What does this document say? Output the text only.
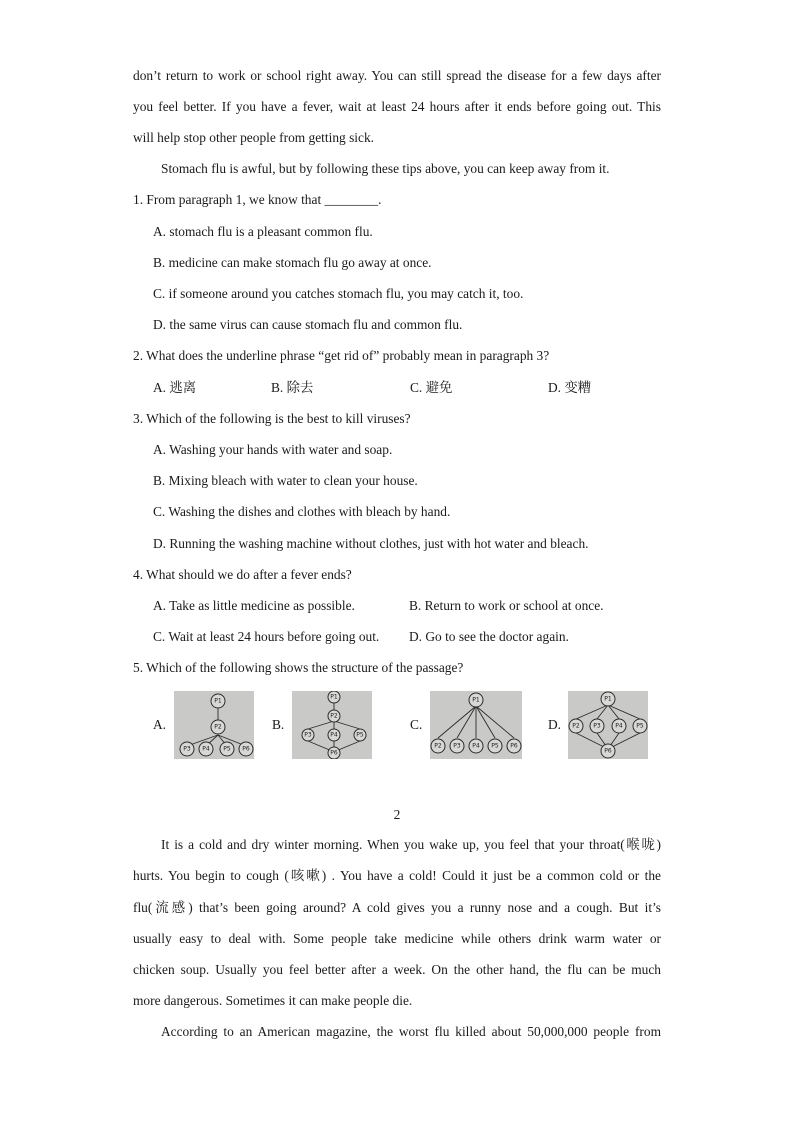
don’t return to work or school right away. You can still spread the disease for a few days after
you feel better. If you have a fever, wait at least 24 hours after it ends before going out. This
will help stop other people from getting sick.
Stomach flu is awful, but by following these tips above, you can keep away from it.
1. From paragraph 1, we know that ________.
A. stomach flu is a pleasant common flu.
B. medicine can make stomach flu go away at once.
C. if someone around you catches stomach flu, you may catch it, too.
D. the same virus can cause stomach flu and common flu.
2. What does the underline phrase “get rid of” probably mean in paragraph 3?
A. 逃离	B. 除去	C. 避免	D. 变糟
3. Which of the following is the best to kill viruses?
A. Washing your hands with water and soap.
B. Mixing bleach with water to clean your house.
C. Washing the dishes and clothes with bleach by hand.
D. Running the washing machine without clothes, just with hot water and bleach.
4. What should we do after a fever ends?
A. Take as little medicine as possible.	B. Return to work or school at once.
C. Wait at least 24 hours before going out.	D. Go to see the doctor again.
5. Which of the following shows the structure of the passage?
A.
P1
P2
P3 P4 P5 P6
B.
P1
P2
P3	P4	P5
P6
C.
P1
P2 P3 P4 P5 P6
D.
P1
P2 P3 P4 P5
P6
2
It is a cold and dry winter morning. When you wake up, you feel that your throat(喉咙)
hurts. You begin to cough (咳嗽) . You have a cold! Could it just be a common cold or the
flu(流感) that’s been going around? A cold gives you a runny nose and a cough. But it’s
usually easy to deal with. Some people take medicine while others drink warm water or
chicken soup. Usually you feel better after a week. On the other hand, the flu can be much
more dangerous. Sometimes it can make people die.
According to an American magazine, the worst flu killed about 50,000,000 people from
